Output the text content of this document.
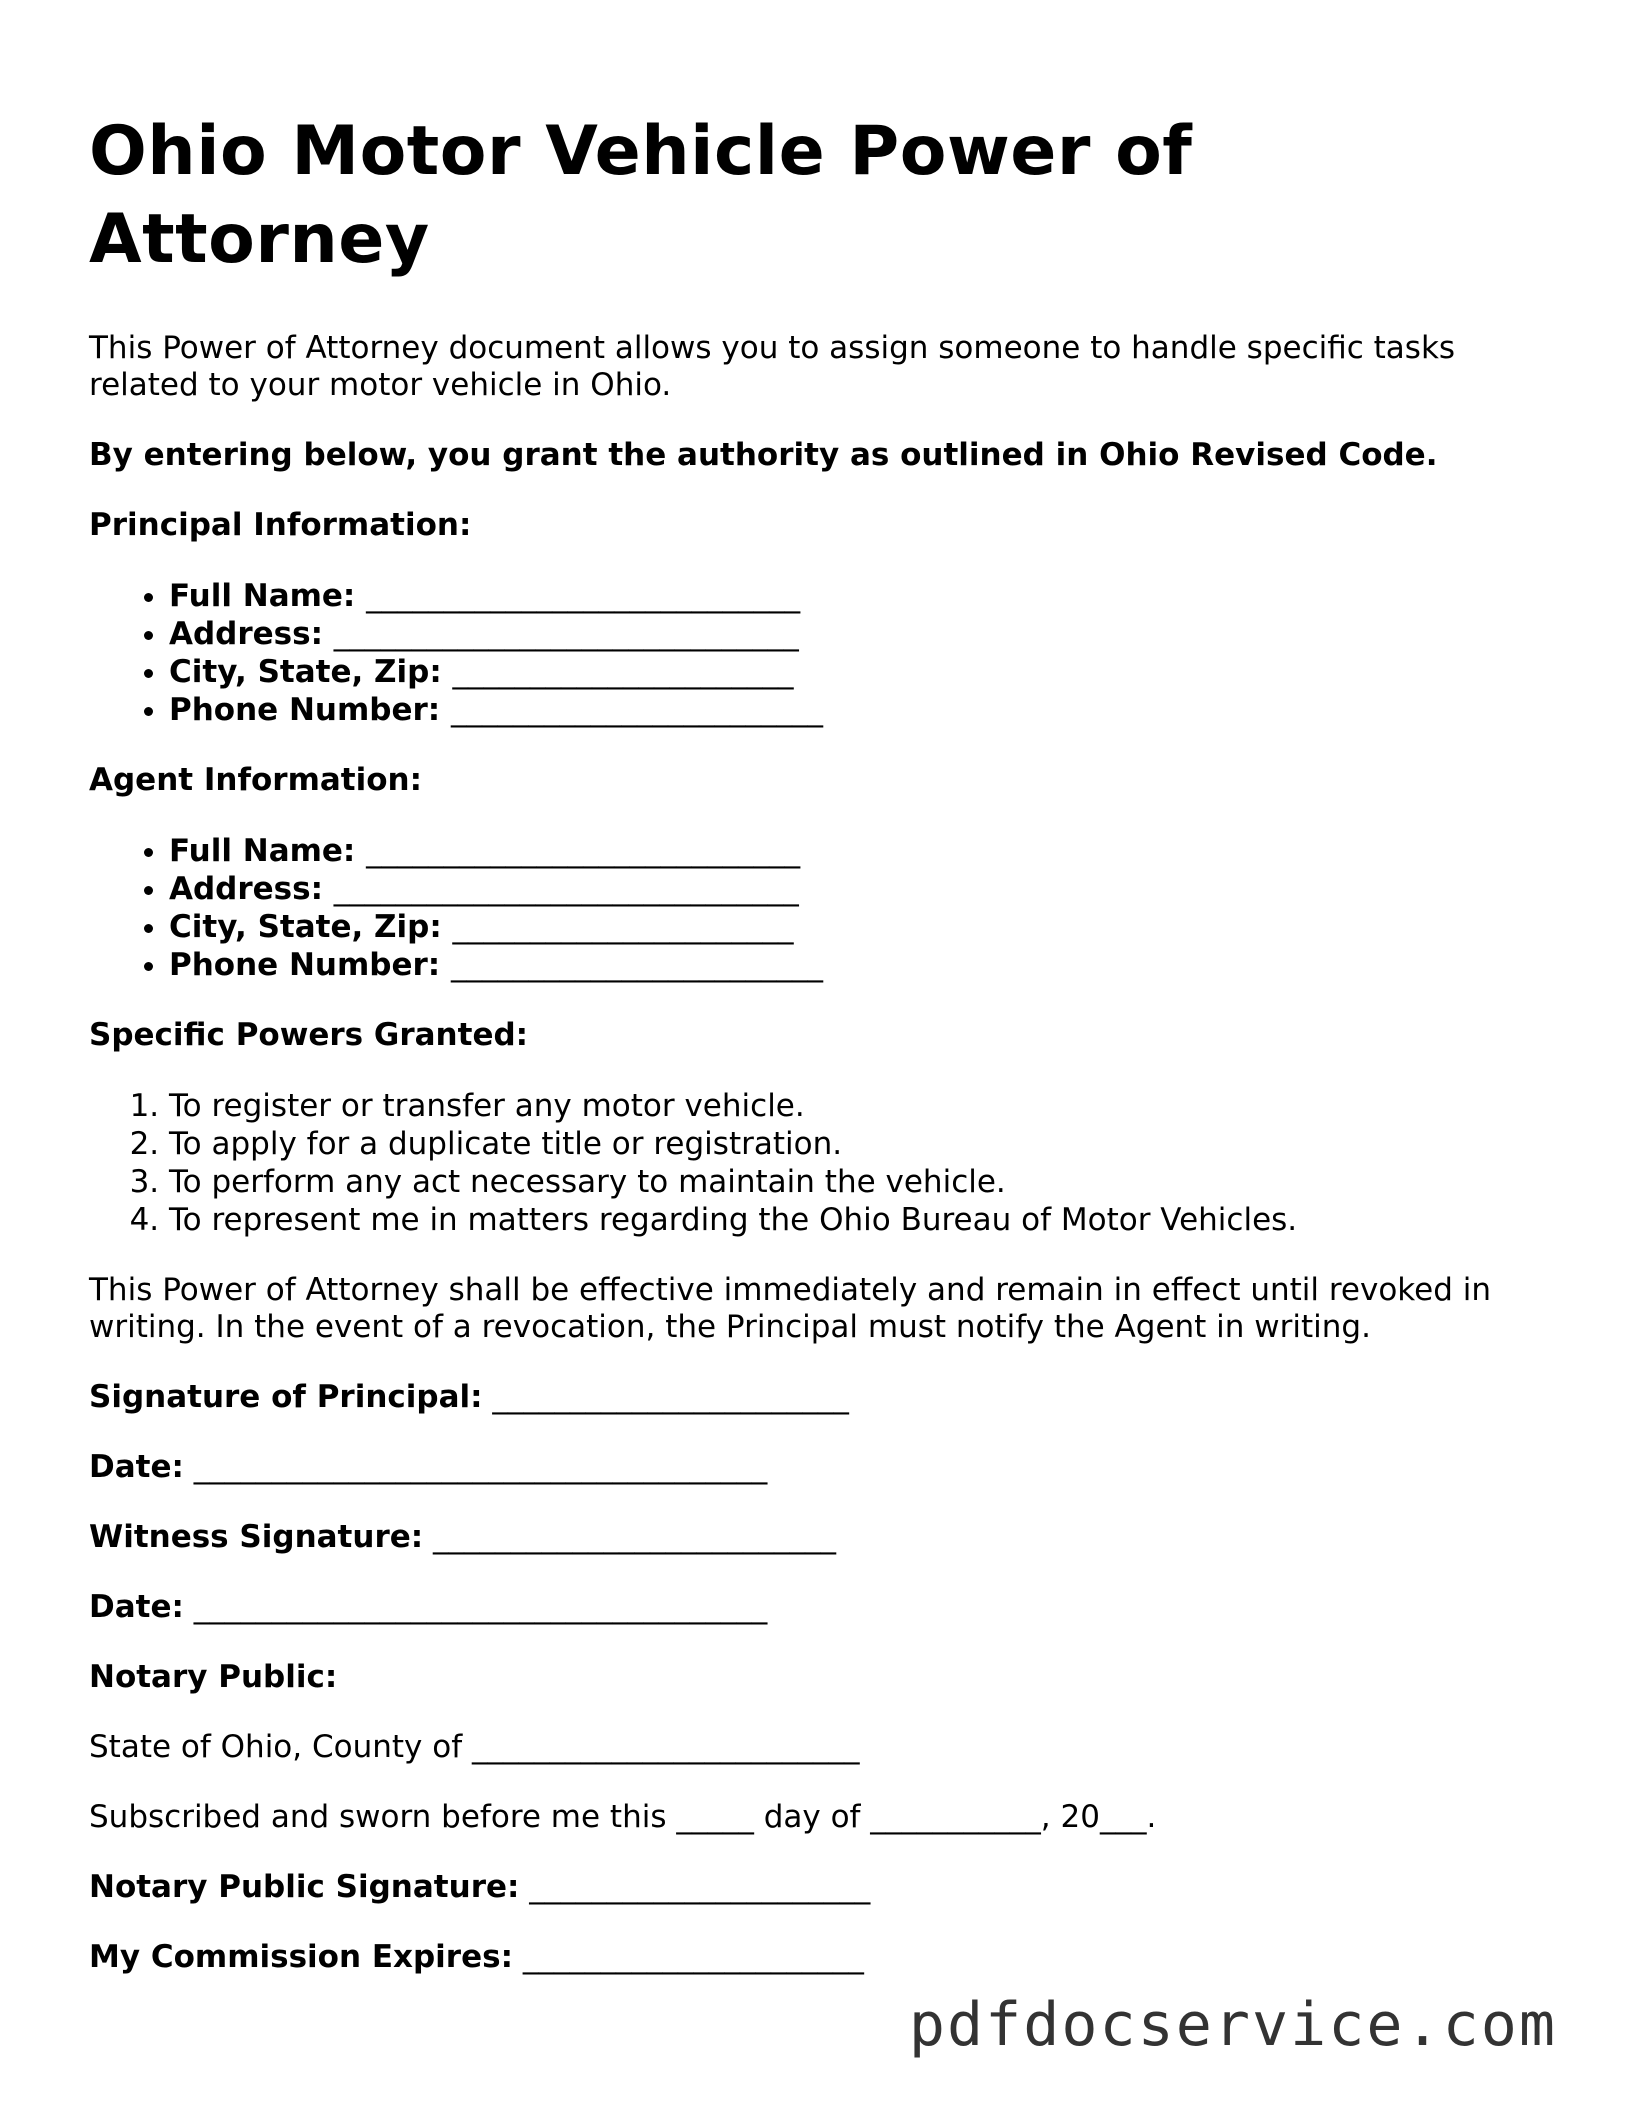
Ohio Motor Vehicle Power of Attorney

This Power of Attorney document allows you to assign someone to handle specific tasks related to your motor vehicle in Ohio.

By entering below, you grant the authority as outlined in Ohio Revised Code.

Principal Information:

• Full Name: ____________________________
• Address: ______________________________
• City, State, Zip: ______________________
• Phone Number: ________________________

Agent Information:

• Full Name: ____________________________
• Address: ______________________________
• City, State, Zip: ______________________
• Phone Number: ________________________

Specific Powers Granted:

1. To register or transfer any motor vehicle.
2. To apply for a duplicate title or registration.
3. To perform any act necessary to maintain the vehicle.
4. To represent me in matters regarding the Ohio Bureau of Motor Vehicles.

This Power of Attorney shall be effective immediately and remain in effect until revoked in writing. In the event of a revocation, the Principal must notify the Agent in writing.

Signature of Principal: _______________________

Date: _____________________________________

Witness Signature: __________________________

Date: _____________________________________

Notary Public:

State of Ohio, County of _________________________

Subscribed and sworn before me this _____ day of ___________, 20___.

Notary Public Signature: ______________________

My Commission Expires: ______________________

pdfdocservice.com
